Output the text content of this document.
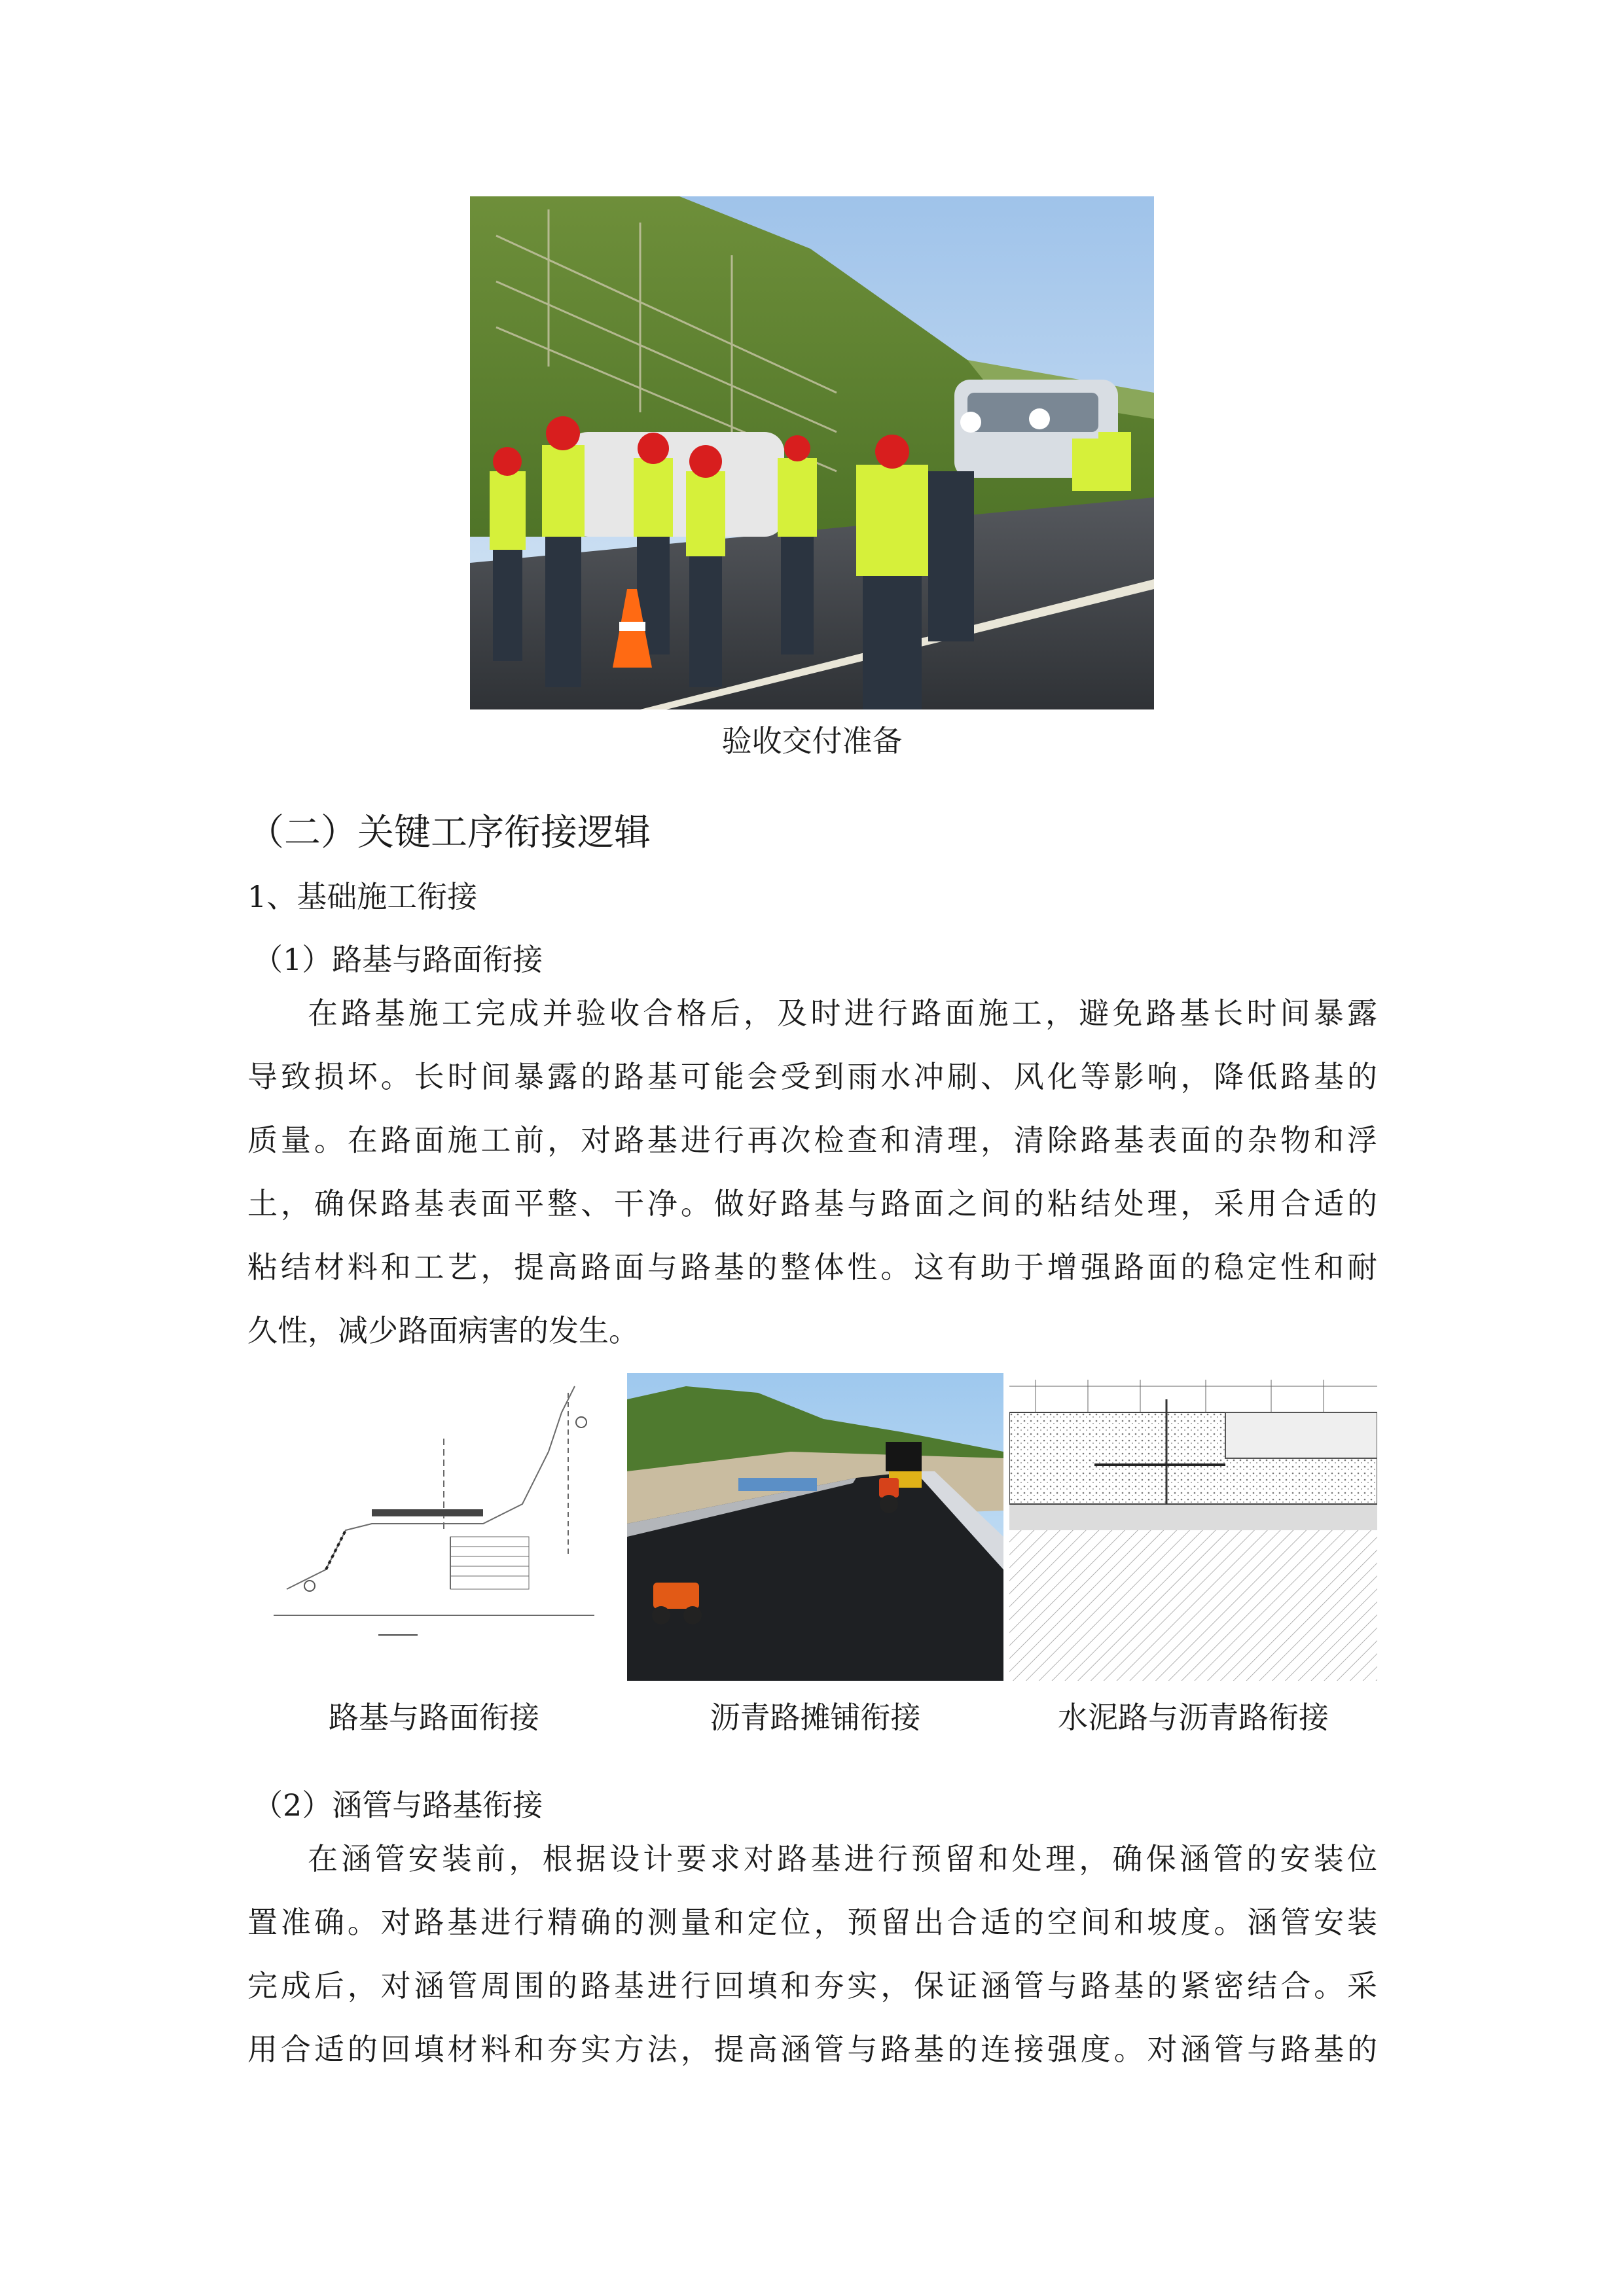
验收交付准备
（二）关键工序衔接逻辑
1、基础施工衔接
（1）路基与路面衔接

在路基施工完成并验收合格后，及时进行路面施工，避免路基长时间暴露

导致损坏。长时间暴露的路基可能会受到雨水冲刷、风化等影响，降低路基的

质量。在路面施工前，对路基进行再次检查和清理，清除路基表面的杂物和浮

土，确保路基表面平整、干净。做好路基与路面之间的粘结处理，采用合适的

粘结材料和工艺，提高路面与路基的整体性。这有助于增强路面的稳定性和耐

久性，减少路面病害的发生。

路基与路面衔接	沥青路摊铺衔接	水泥路与沥青路衔接
（2）涵管与路基衔接

在涵管安装前，根据设计要求对路基进行预留和处理，确保涵管的安装位

置准确。对路基进行精确的测量和定位，预留出合适的空间和坡度。涵管安装

完成后，对涵管周围的路基进行回填和夯实，保证涵管与路基的紧密结合。采

用合适的回填材料和夯实方法，提高涵管与路基的连接强度。对涵管与路基的
